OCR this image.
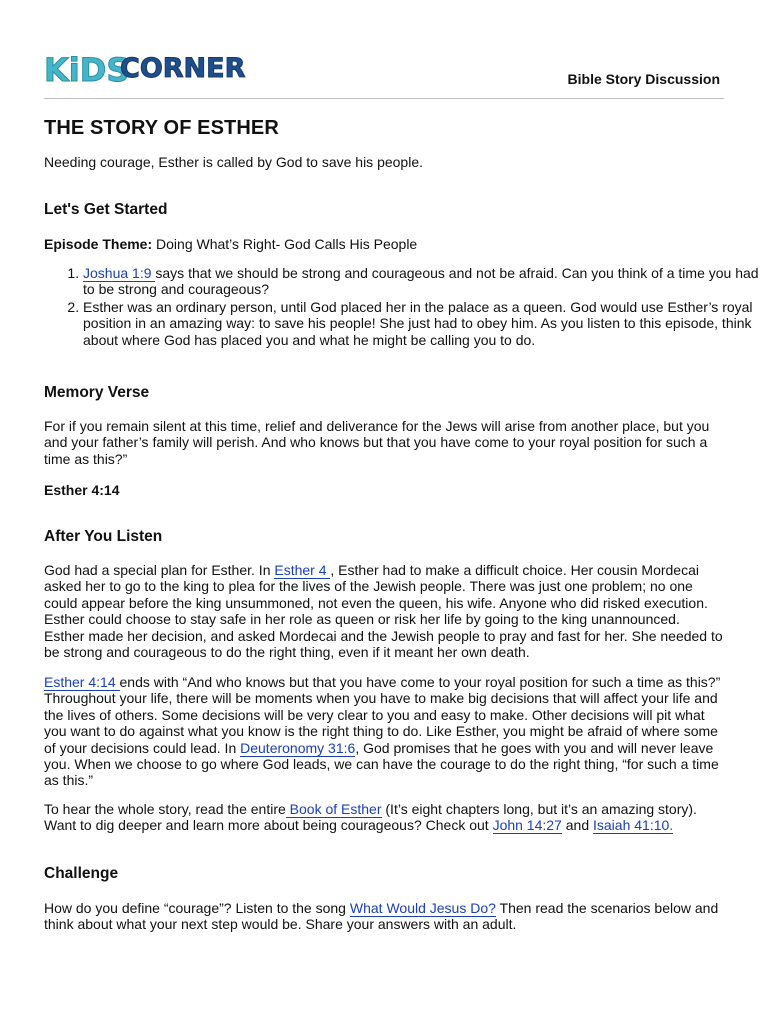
KiDS
CORNER	Bible Story Discussion
THE STORY OF ESTHER

Needing courage, Esther is called by God to save his people.

Let's Get Started

Episode Theme: Doing What’s Right- God Calls His People

1. Joshua 1:9 says that we should be strong and courageous and not be afraid. Can you think of a time you had to be strong and courageous?
2. Esther was an ordinary person, until God placed her in the palace as a queen. God would use Esther’s royal position in an amazing way: to save his people! She just had to obey him. As you listen to this episode, think about where God has placed you and what he might be calling you to do.
Memory Verse

For if you remain silent at this time, relief and deliverance for the Jews will arise from another place, but you and your father’s family will perish. And who knows but that you have come to your royal position for such a time as this?”

Esther 4:14

After You Listen

God had a special plan for Esther. In Esther 4 , Esther had to make a difficult choice. Her cousin Mordecai asked her to go to the king to plea for the lives of the Jewish people. There was just one problem; no one could appear before the king unsummoned, not even the queen, his wife. Anyone who did risked execution. Esther could choose to stay safe in her role as queen or risk her life by going to the king unannounced. Esther made her decision, and asked Mordecai and the Jewish people to pray and fast for her. She needed to be strong and courageous to do the right thing, even if it meant her own death.

Esther 4:14 ends with “And who knows but that you have come to your royal position for such a time as this?” Throughout your life, there will be moments when you have to make big decisions that will affect your life and the lives of others. Some decisions will be very clear to you and easy to make. Other decisions will pit what you want to do against what you know is the right thing to do. Like Esther, you might be afraid of where some of your decisions could lead. In Deuteronomy 31:6, God promises that he goes with you and will never leave you. When we choose to go where God leads, we can have the courage to do the right thing, “for such a time as this.”

To hear the whole story, read the entire Book of Esther (It’s eight chapters long, but it’s an amazing story). Want to dig deeper and learn more about being courageous? Check out John 14:27 and Isaiah 41:10.

Challenge

How do you define “courage”? Listen to the song What Would Jesus Do? Then read the scenarios below and think about what your next step would be. Share your answers with an adult.
